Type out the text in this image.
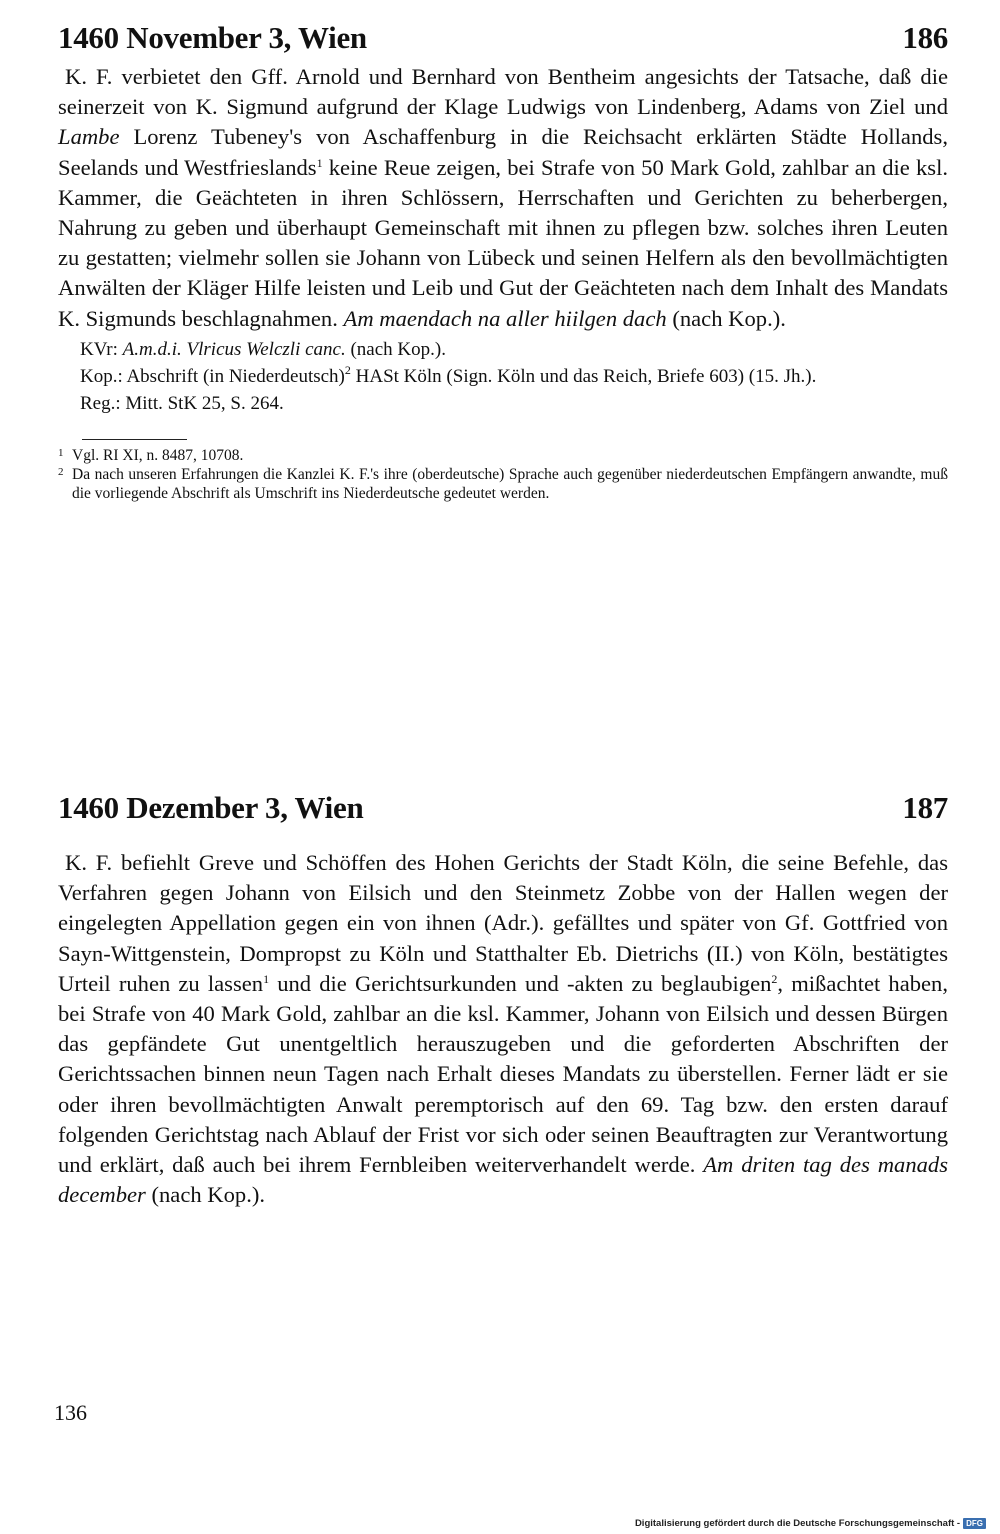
1460 November 3, Wien	186

K. F. verbietet den Gff. Arnold und Bernhard von Bentheim angesichts der Tatsache, daß die seinerzeit von K. Sigmund aufgrund der Klage Ludwigs von Lindenberg, Adams von Ziel und Lambe Lorenz Tubeney's von Aschaffenburg in die Reichsacht erklärten Städte Hollands, Seelands und Westfrieslands$^1$ keine Reue zeigen, bei Strafe von 50 Mark Gold, zahlbar an die ksl. Kammer, die Geächteten in ihren Schlössern, Herrschaften und Gerichten zu beherbergen, Nahrung zu geben und überhaupt Gemeinschaft mit ihnen zu pflegen bzw. solches ihren Leuten zu gestatten; vielmehr sollen sie Johann von Lübeck und seinen Helfern als den bevollmächtigten Anwälten der Kläger Hilfe leisten und Leib und Gut der Geächteten nach dem Inhalt des Mandats K. Sigmunds beschlagnahmen. Am maendach na aller hiilgen dach (nach Kop.).

KVr: A.m.d.i. Vlricus Welczli canc. (nach Kop.).

Kop.: Abschrift (in Niederdeutsch)$^2$ HASt Köln (Sign. Köln und das Reich, Briefe 603) (15. Jh.).

Reg.: Mitt. StK 25, S. 264.

1 Vgl. RI XI, n. 8487, 10708.
2 Da nach unseren Erfahrungen die Kanzlei K. F.'s ihre (oberdeutsche) Sprache auch gegenüber niederdeutschen Empfängern anwandte, muß die vorliegende Abschrift als Umschrift ins Niederdeutsche gedeutet werden.
1460 Dezember 3, Wien	187

K. F. befiehlt Greve und Schöffen des Hohen Gerichts der Stadt Köln, die seine Befehle, das Verfahren gegen Johann von Eilsich und den Steinmetz Zobbe von der Hallen wegen der eingelegten Appellation gegen ein von ihnen (Adr.). gefälltes und später von Gf. Gottfried von Sayn-Wittgenstein, Dompropst zu Köln und Statthalter Eb. Dietrichs (II.) von Köln, bestätigtes Urteil ruhen zu lassen$^1$ und die Gerichtsurkunden und -akten zu beglaubigen$^2$, mißachtet haben, bei Strafe von 40 Mark Gold, zahlbar an die ksl. Kammer, Johann von Eilsich und dessen Bürgen das gepfändete Gut unentgeltlich herauszugeben und die geforderten Abschriften der Gerichtssachen binnen neun Tagen nach Erhalt dieses Mandats zu überstellen. Ferner lädt er sie oder ihren bevollmächtigten Anwalt peremptorisch auf den 69. Tag bzw. den ersten darauf folgenden Gerichtstag nach Ablauf der Frist vor sich oder seinen Beauftragten zur Verantwortung und erklärt, daß auch bei ihrem Fernbleiben weiterverhandelt werde. Am driten tag des manads december (nach Kop.).

136
Digitalisierung gefördert durch die Deutsche Forschungsgemeinschaft - DFG
